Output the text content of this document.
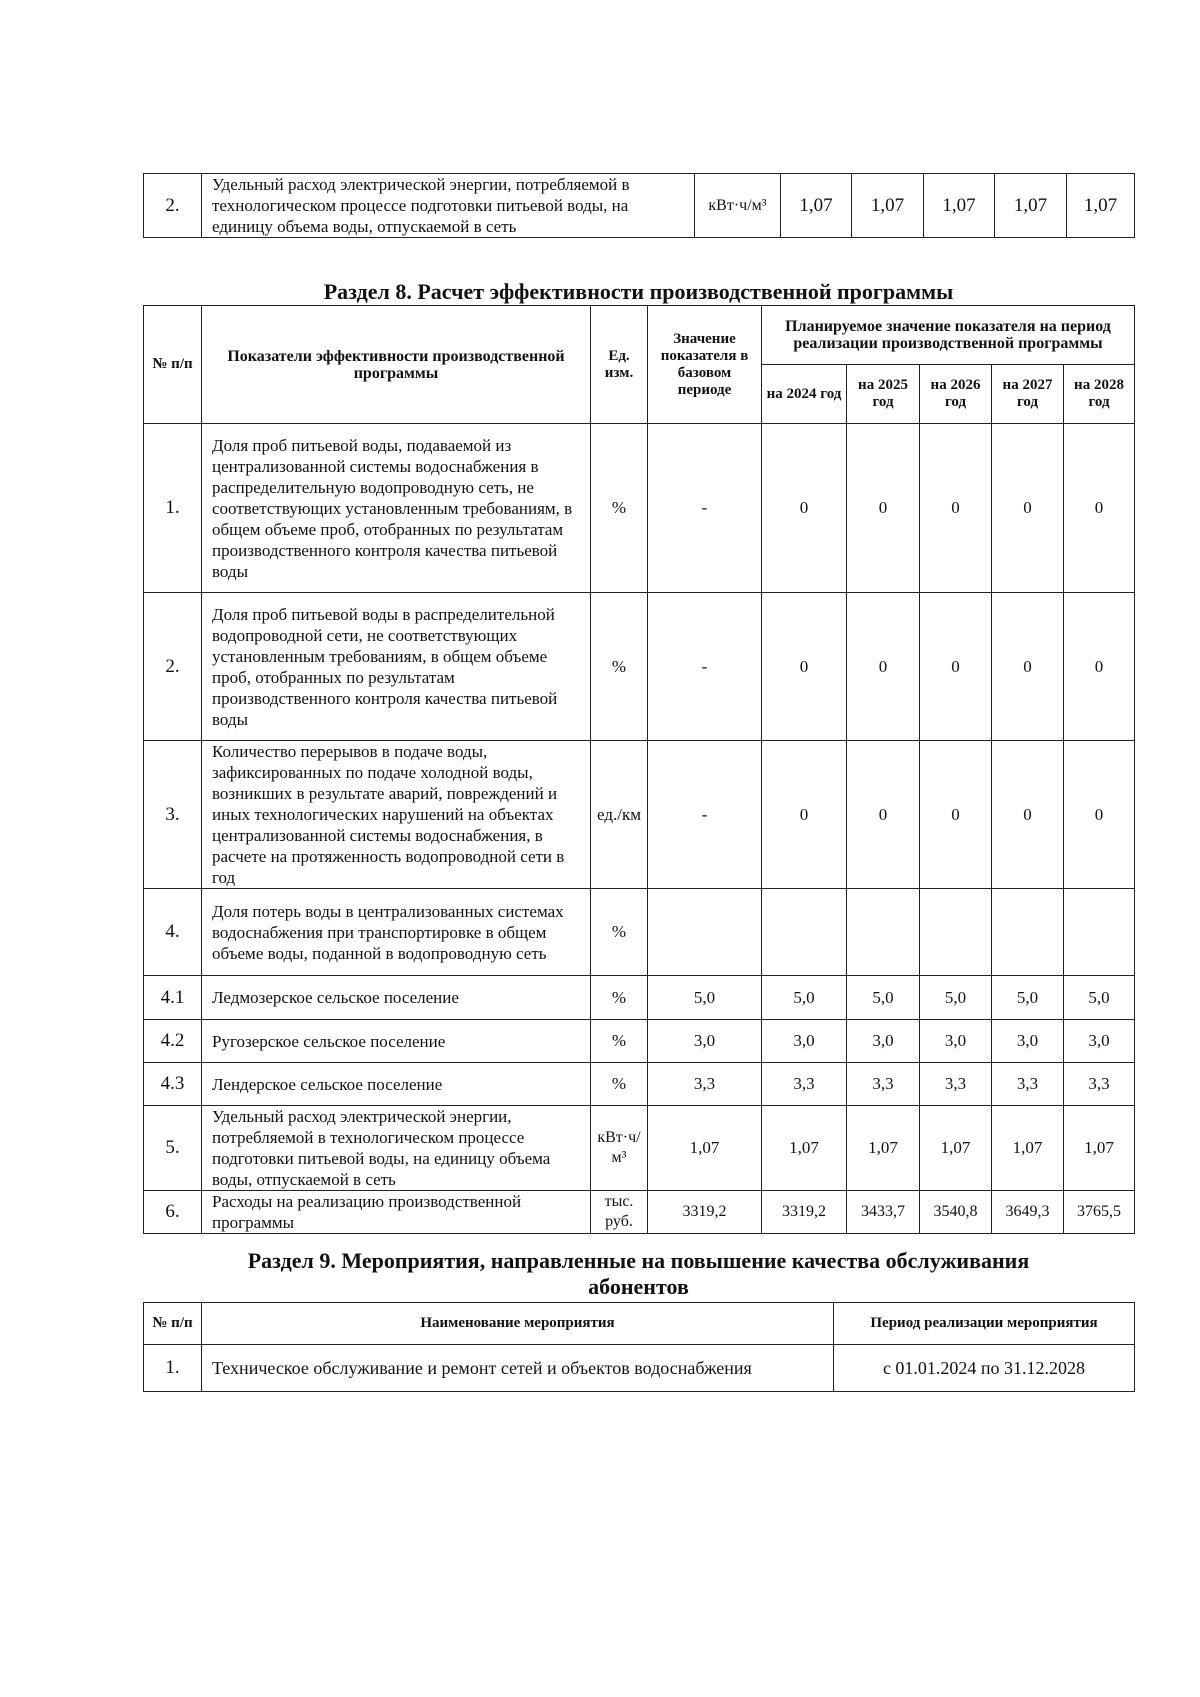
2.	Удельный расход электрической энергии, потребляемой в технологическом процессе подготовки питьевой воды, на единицу объема воды, отпускаемой в сеть	кВт·ч/м³	1,07	1,07	1,07	1,07	1,07
Раздел 8. Расчет эффективности производственной программы
№ п/п	Показатели эффективности производственной программы	Ед. изм.	Значение показателя в базовом периоде	Планируемое значение показателя на период реализации производственной программы				
				на 2024 год	на 2025 год	на 2026 год	на 2027 год	на 2028 год
1.	Доля проб питьевой воды, подаваемой из централизованной системы водоснабжения в распределительную водопроводную сеть, не соответствующих установленным требованиям, в общем объеме проб, отобранных по результатам производственного контроля качества питьевой воды	%	-	0	0	0	0	0
2.	Доля проб питьевой воды в распределительной водопроводной сети, не соответствующих установленным требованиям, в общем объеме проб, отобранных по результатам производственного контроля качества питьевой воды	%	-	0	0	0	0	0
3.	Количество перерывов в подаче воды, зафиксированных по подаче холодной воды, возникших в результате аварий, повреждений и иных технологических нарушений на объектах централизованной системы водоснабжения, в расчете на протяженность водопроводной сети в год	ед./км	-	0	0	0	0	0
4.	Доля потерь воды в централизованных системах водоснабжения при транспортировке в общем объеме воды, поданной в водопроводную сеть	%						
4.1	Ледмозерское сельское поселение	%	5,0	5,0	5,0	5,0	5,0	5,0
4.2	Ругозерское сельское поселение	%	3,0	3,0	3,0	3,0	3,0	3,0
4.3	Лендерское сельское поселение	%	3,3	3,3	3,3	3,3	3,3	3,3
5.	Удельный расход электрической энергии, потребляемой в технологическом процессе подготовки питьевой воды, на единицу объема воды, отпускаемой в сеть	кВт·ч/м³	1,07	1,07	1,07	1,07	1,07	1,07
6.	Расходы на реализацию производственной программы	тыс. руб.	3319,2	3319,2	3433,7	3540,8	3649,3	3765,5
Раздел 9. Мероприятия, направленные на повышение качества обслуживания абонентов
№ п/п	Наименование мероприятия	Период реализации мероприятия
1.	Техническое обслуживание и ремонт сетей и объектов водоснабжения	с 01.01.2024 по 31.12.2028
